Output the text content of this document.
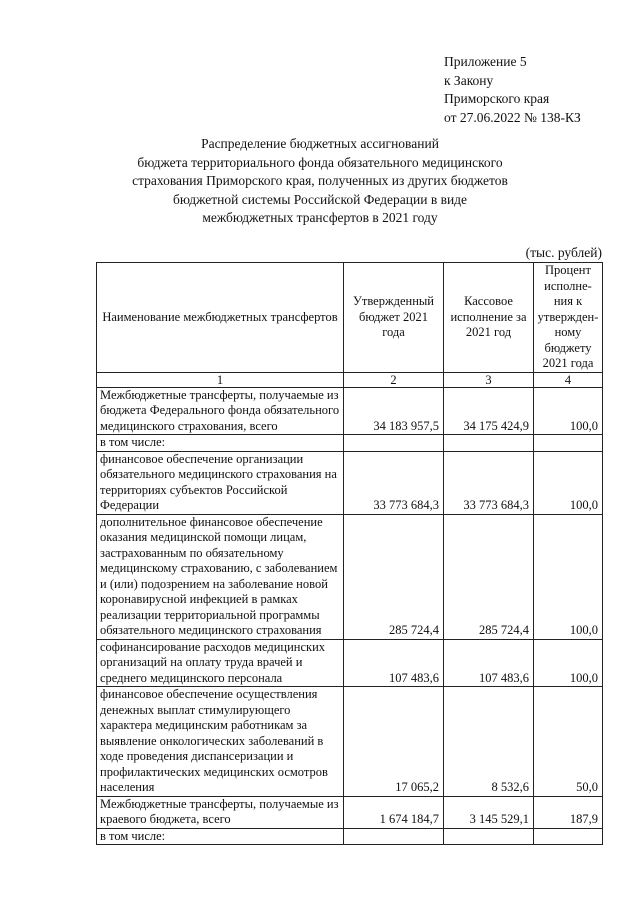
Приложение 5
к Закону
Приморского края
от 27.06.2022 № 138-КЗ
Распределение бюджетных ассигнований
бюджета территориального фонда обязательного медицинского
страхования Приморского края, полученных из других бюджетов
бюджетной системы Российской Федерации в виде
межбюджетных трансфертов в 2021 году
(тыс. рублей)
Наименование межбюджетных трансфертов	Утвержденный бюджет 2021 года	Кассовое исполнение за 2021 год	Процент исполне-ния к утвержден-ному бюджету 2021 года
1	2	3	4
Межбюджетные трансферты, получаемые из бюджета Федерального фонда обязательного медицинского страхования, всего	34 183 957,5	34 175 424,9	100,0
в том числе:			
финансовое обеспечение организации обязательного медицинского страхования на территориях субъектов Российской Федерации	33 773 684,3	33 773 684,3	100,0
дополнительное финансовое обеспечение оказания медицинской помощи лицам, застрахованным по обязательному медицинскому страхованию, с заболеванием и (или) подозрением на заболевание новой коронавирусной инфекцией в рамках реализации территориальной программы обязательного медицинского страхования	285 724,4	285 724,4	100,0
софинансирование расходов медицинских организаций на оплату труда врачей и среднего медицинского персонала	107 483,6	107 483,6	100,0
финансовое обеспечение осуществления денежных выплат стимулирующего характера медицинским работникам за выявление онкологических заболеваний в ходе проведения диспансеризации и профилактических медицинских осмотров населения	17 065,2	8 532,6	50,0
Межбюджетные трансферты, получаемые из краевого бюджета, всего	1 674 184,7	3 145 529,1	187,9
в том числе:			
